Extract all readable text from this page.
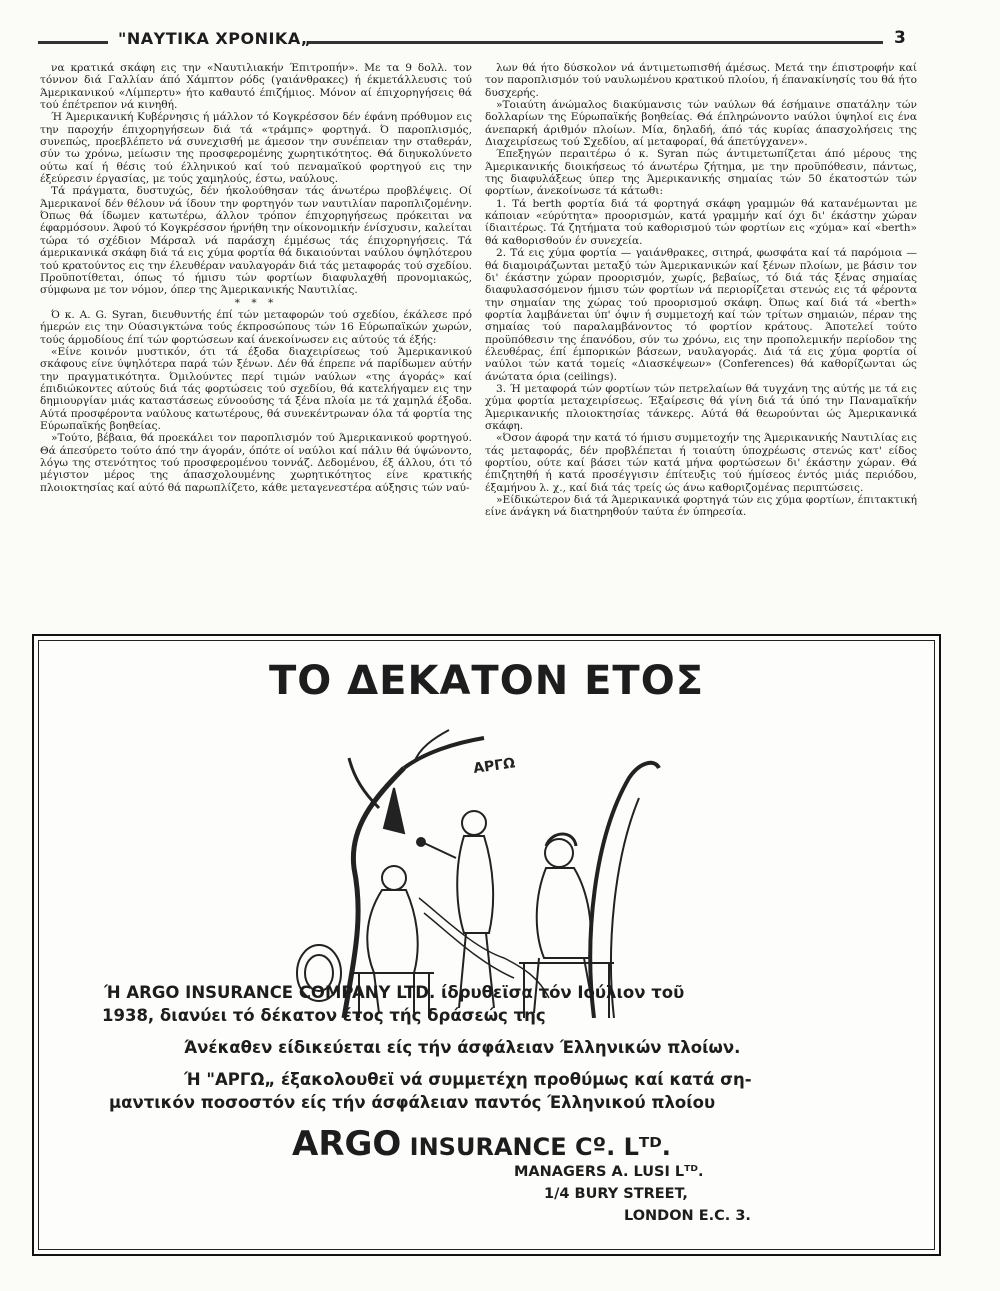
"ΝΑΥΤΙΚΑ ΧΡΟΝΙΚΑ„	3

να κρατικά σκάφη εις την «Ναυτιλιακήν Έπιτροπήν». Με τα 9 δολλ. τον τόννον διά Γαλλίαν άπό Χάμπτον ρόδς (γαιάνθρακες) ή έκμετάλλευσις τού Άμερικανικού «Λίμπερτυ» ήτο καθαυτό έπιζήμιος. Μόνον αί έπιχορηγήσεις θά τού έπέτρεπον νά κινηθή.

Ή Άμερικανική Κυβέρνησις ή μάλλον τό Κογκρέσσον δέν έφάνη πρόθυμον εις την παροχήν έπιχορηγήσεων διά τά «τράμπς» φορτηγά. Ό παροπλισμός, συνεπώς, προεβλέπετο νά συνεχισθή με άμεσον την συνέπειαν την σταθεράν, σύν τω χρόνω, μείωσιν της προσφερομένης χωρητικότητος. Θά διηυκολύνετο ούτω καί ή θέσις τού έλληνικού καί τού πεναμαϊκού φορτηγού εις την έξεύρεσιν έργασίας, με τούς χαμηλούς, έστω, ναύλους.

Τά πράγματα, δυστυχώς, δέν ήκολούθησαν τάς άνωτέρω προβλέψεις. Οί Άμερικανοί δέν θέλουν νά ίδουν την φορτηγόν των ναυτιλίαν παροπλιζομένην. Όπως θά ίδωμεν κατωτέρω, άλλον τρόπον έπιχορηγήσεως πρόκειται να έφαρμόσουν. Άφού τό Κογκρέσσον ήρνήθη την οίκονομικήν ένίσχυσιν, καλείται τώρα τό σχέδιον Μάρσαλ νά παράσχη έμμέσως τάς έπιχορηγήσεις. Τά άμερικανικά σκάφη διά τά εις χύμα φορτία θά δικαιούνται ναύλου όψηλότερου τού κρατούντος εις την έλευθέραν ναυλαγοράν διά τάς μεταφοράς τού σχεδίου. Προϋποτίθεται, όπως τό ήμισυ τών φορτίων διαφυλαχθή προνομιακώς, σύμφωνα με τον νόμον, όπερ της Άμερικανικής Ναυτιλίας.

* * *

Ό κ. A. G. Syran, διευθυντής έπί τών μεταφορών τού σχεδίου, έκάλεσε πρό ήμερών εις την Ούασιγκτώνα τούς έκπροσώπους τών 16 Εύρωπαϊκών χωρών, τούς άρμοδίους έπί τών φορτώσεων καί άνεκοίνωσεν εις αύτούς τά έξής:

«Είνε κοινόν μυστικόν, ότι τά έξοδα διαχειρίσεως τού Άμερικανικού σκάφους είνε ύψηλότερα παρά τών ξένων. Δέν θά έπρεπε νά παρίδωμεν αύτήν την πραγματικότητα. Όμιλούντες περί τιμών ναύλων «της άγοράς» καί έπιδιώκοντες αύτούς διά τάς φορτώσεις τού σχεδίου, θά κατελήγαμεν εις την δημιουργίαν μιάς καταστάσεως εύνοούσης τά ξένα πλοία με τά χαμηλά έξοδα. Αύτά προσφέροντα ναύλους κατωτέρους, θά συνεκέντρωναν όλα τά φορτία της Εύρωπαϊκής βοηθείας.

»Τούτο, βέβαια, θά προεκάλει τον παροπλισμόν τού Άμερικανικού φορτηγού. Θά άπεσύρετο τούτο άπό την άγοράν, όπότε οί ναύλοι καί πάλιν θά ύψώνοντο, λόγω της στενότητος τού προσφερομένου τοννάζ. Δεδομένου, έξ άλλου, ότι τό μέγιστον μέρος της άπασχολουμένης χωρητικότητος είνε κρατικής πλοιοκτησίας καί αύτό θά παρωπλίζετο, κάθε μεταγενεστέρα αύξησις τών ναύ-

λων θά ήτο δύσκολον νά άντιμετωπισθή άμέσως. Μετά την έπιστροφήν καί τον παροπλισμόν τού ναυλωμένου κρατικού πλοίου, ή έπανακίνησίς του θά ήτο δυσχερής.

»Τοιαύτη άνώμαλος διακύμανσις τών ναύλων θά έσήμαινε σπατάλην τών δολλαρίων της Εύρωπαϊκής βοηθείας. Θά έπληρώνοντο ναύλοι ύψηλοί εις ένα άνεπαρκή άριθμόν πλοίων. Μία, δηλαδή, άπό τάς κυρίας άπασχολήσεις της Διαχειρίσεως τού Σχεδίου, αί μεταφοραί, θά άπετύγχανεν».

Έπεξηγών περαιτέρω ό κ. Syran πώς άντιμετωπίζεται άπό μέρους της Άμερικανικής διοικήσεως τό άνωτέρω ζήτημα, με την προϋπόθεσιν, πάντως, της διαφυλάξεως ύπερ της Άμερικανικής σημαίας τών 50 έκατοστών τών φορτίων, άνεκοίνωσε τά κάτωθι:

1. Τά berth φορτία διά τά φορτηγά σκάφη γραμμών θά κατανέμωνται με κάποιαν «εύρύτητα» προορισμών, κατά γραμμήν καί όχι δι' έκάστην χώραν ίδιαιτέρως. Τά ζητήματα τού καθορισμού τών φορτίων εις «χύμα» καί «berth» θά καθορισθούν έν συνεχεία.

2. Τά εις χύμα φορτία — γαιάνθρακες, σιτηρά, φωσφάτα καί τά παρόμοια — θά διαμοιράζωνται μεταξύ τών Άμερικανικών καί ξένων πλοίων, με βάσιν τον δι' έκάστην χώραν προορισμόν, χωρίς, βεβαίως, τό διά τάς ξένας σημαίας διαφυλασσόμενον ήμισυ τών φορτίων νά περιορίζεται στενώς εις τά φέροντα την σημαίαν της χώρας τού προορισμού σκάφη. Όπως καί διά τά «berth» φορτία λαμβάνεται ύπ' όψιν ή συμμετοχή καί τών τρίτων σημαιών, πέραν της σημαίας τού παραλαμβάνοντος τό φορτίον κράτους. Άποτελεί τούτο προϋπόθεσιν της έπανόδου, σύν τω χρόνω, εις την προπολεμικήν περίοδον της έλευθέρας, έπί έμπορικών βάσεων, ναυλαγοράς. Διά τά εις χύμα φορτία οί ναύλοι τών κατά τομείς «Διασκέψεων» (Conferences) θά καθορίζωνται ώς άνώτατα όρια (ceilings).

3. Ή μεταφορά τών φορτίων τών πετρελαίων θά τυγχάνη της αύτής με τά εις χύμα φορτία μεταχειρίσεως. Έξαίρεσις θά γίνη διά τά ύπό την Παναμαϊκήν Άμερικανικής πλοιοκτησίας τάνκερς. Αύτά θά θεωρούνται ώς Άμερικανικά σκάφη.

«Όσον άφορά την κατά τό ήμισυ συμμετοχήν της Άμερικανικής Ναυτιλίας εις τάς μεταφοράς, δέν προβλέπεται ή τοιαύτη ύποχρέωσις στενώς κατ' είδος φορτίου, ούτε καί βάσει τών κατά μήνα φορτώσεων δι' έκάστην χώραν. Θά έπιζητηθή ή κατά προσέγγισιν έπίτευξις τού ήμίσεος έντός μιάς περιόδου, έξαμήνου λ. χ., καί διά τάς τρείς ώς άνω καθοριζομένας περιπτώσεις.

»Είδικώτερον διά τά Άμερικανικά φορτηγά τών εις χύμα φορτίων, έπιτακτική είνε άνάγκη νά διατηρηθούν ταύτα έν ύπηρεσία.

ΤΟ ΔΕΚΑΤΟΝ ΕΤΟΣ
ΑΡΓΩ
Ή ARGO INSURANCE COMPANY LTD. ίδρυθεϊσα τόν Ιούλιον τοῦ
1938, διανύει τό δέκατον έτος τής δράσεώς της
Άνέκαθεν είδικεύεται είς τήν άσφάλειαν Έλληνικών πλοίων.
Ή "ΑΡΓΩ„ έξακολουθεϊ νά συμμετέχη προθύμως καί κατά ση-
μαντικόν ποσοστόν είς τήν άσφάλειαν παντός Έλληνικού πλοίου
ARGO INSURANCE Cº. Lᵀᴰ.
MANAGERS A. LUSI Lᵀᴰ.
1/4 BURY STREET,
LONDON E.C. 3.
